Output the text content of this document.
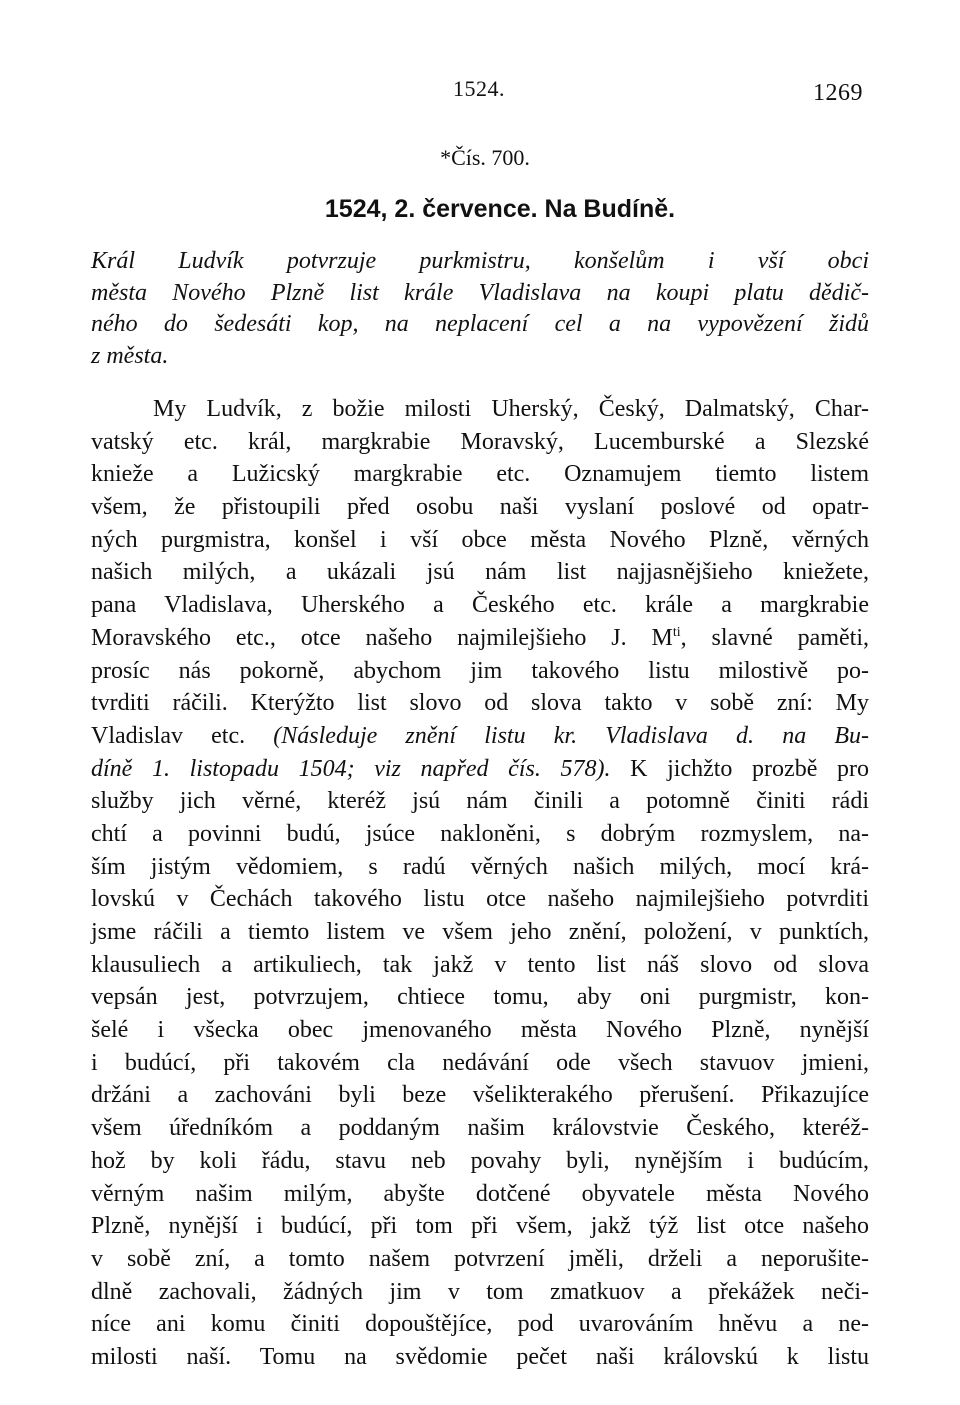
1524.	1269
*Čís. 700.
1524, 2. července. Na Budíně.
Král Ludvík potvrzuje purkmistru, konšelům i vší obci
města Nového Plzně list krále Vladislava na koupi platu dědič-
ného do šedesáti kop, na neplacení cel a na vypovězení židů
z města.
My Ludvík, z božie milosti Uherský, Český, Dalmatský, Char-
vatský etc. král, margkrabie Moravský, Lucemburské a Slezské
knieže a Lužicský margkrabie etc. Oznamujem tiemto listem
všem, že přistoupili před osobu naši vyslaní poslové od opatr-
ných purgmistra, konšel i vší obce města Nového Plzně, věrných
našich milých, a ukázali jsú nám list najjasnějšieho kniežete,
pana Vladislava, Uherského a Českého etc. krále a margkrabie
Moravského etc., otce našeho najmilejšieho J. $M^{ti}$, slavné paměti,
prosíc nás pokorně, abychom jim takového listu milostivě po-
tvrditi ráčili. Kterýžto list slovo od slova takto v sobě zní: My
Vladislav etc. (Následuje znění listu kr. Vladislava d. na Bu-
díně 1. listopadu 1504; viz napřed čís. 578). K jichžto prozbě pro
služby jich věrné, kteréž jsú nám činili a potomně činiti rádi
chtí a povinni budú, jsúce nakloněni, s dobrým rozmyslem, na-
ším jistým vědomiem, s radú věrných našich milých, mocí krá-
lovskú v Čechách takového listu otce našeho najmilejšieho potvrditi
jsme ráčili a tiemto listem ve všem jeho znění, položení, v punktích,
klausuliech a artikuliech, tak jakž v tento list náš slovo od slova
vepsán jest, potvrzujem, chtiece tomu, aby oni purgmistr, kon-
šelé i všecka obec jmenovaného města Nového Plzně, nynější
i budúcí, při takovém cla nedávání ode všech stavuov jmieni,
držáni a zachováni byli beze všelikterakého přerušení. Přikazujíce
všem úředníkóm a poddaným našim královstvie Českého, kteréž-
hož by koli řádu, stavu neb povahy byli, nynějším i budúcím,
věrným našim milým, abyšte dotčené obyvatele města Nového
Plzně, nynější i budúcí, při tom při všem, jakž týž list otce našeho
v sobě zní, a tomto našem potvrzení jměli, drželi a neporušite-
dlně zachovali, žádných jim v tom zmatkuov a překážek neči-
níce ani komu činiti dopouštějíce, pod uvarováním hněvu a ne-
milosti naší. Tomu na svědomie pečet naši královskú k listu
